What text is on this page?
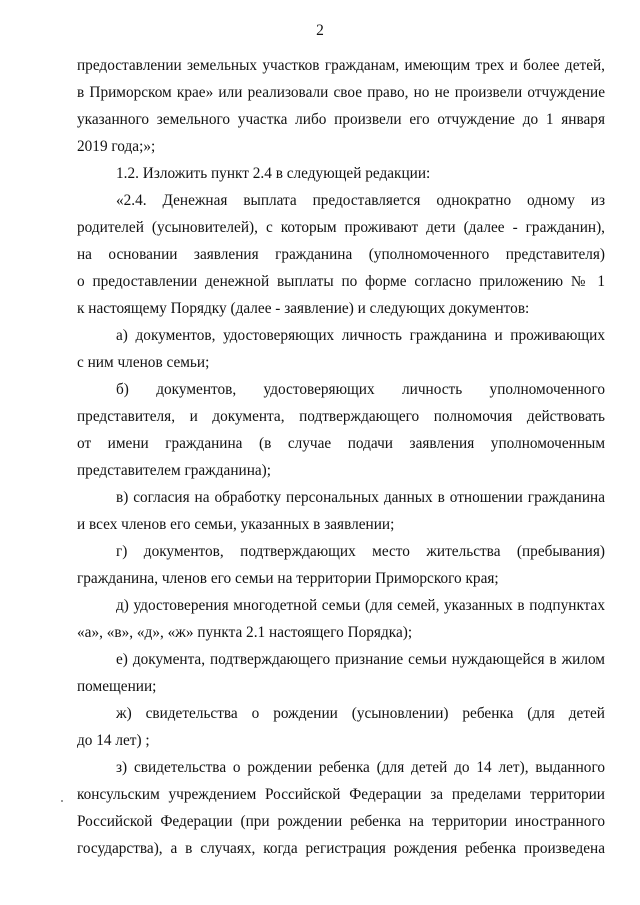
2
предоставлении земельных участков гражданам, имеющим трех и более детей,
в Приморском крае» или реализовали свое право, но не произвели отчуждение
указанного земельного участка либо произвели его отчуждение до 1 января
2019 года;»;
1.2. Изложить пункт 2.4 в следующей редакции:
«2.4. Денежная выплата предоставляется однократно одному из
родителей (усыновителей), с которым проживают дети (далее - гражданин),
на основании заявления гражданина (уполномоченного представителя)
о предоставлении денежной выплаты по форме согласно приложению № 1
к настоящему Порядку (далее - заявление) и следующих документов:
а) документов, удостоверяющих личность гражданина и проживающих
с ним членов семьи;
б) документов, удостоверяющих личность уполномоченного
представителя, и документа, подтверждающего полномочия действовать
от имени гражданина (в случае подачи заявления уполномоченным
представителем гражданина);
в) согласия на обработку персональных данных в отношении гражданина
и всех членов его семьи, указанных в заявлении;
г) документов, подтверждающих место жительства (пребывания)
гражданина, членов его семьи на территории Приморского края;
д) удостоверения многодетной семьи (для семей, указанных в подпунктах
«а», «в», «д», «ж» пункта 2.1 настоящего Порядка);
е) документа, подтверждающего признание семьи нуждающейся в жилом
помещении;
ж) свидетельства о рождении (усыновлении) ребенка (для детей
до 14 лет) ;
з) свидетельства о рождении ребенка (для детей до 14 лет), выданного
консульским учреждением Российской Федерации за пределами территории
Российской Федерации (при рождении ребенка на территории иностранного
государства), а в случаях, когда регистрация рождения ребенка произведена
